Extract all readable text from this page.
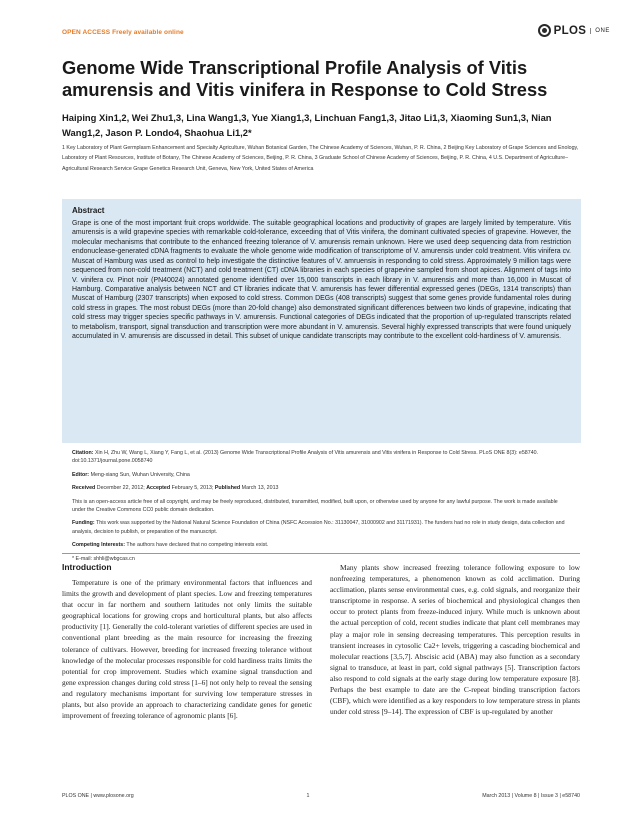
OPEN ACCESS Freely available online	PLOS	ONE
Genome Wide Transcriptional Profile Analysis of Vitis amurensis and Vitis vinifera in Response to Cold Stress
Haiping Xin1,2, Wei Zhu1,3, Lina Wang1,3, Yue Xiang1,3, Linchuan Fang1,3, Jitao Li1,3, Xiaoming Sun1,3, Nian Wang1,2, Jason P. Londo4, Shaohua Li1,2*
1 Key Laboratory of Plant Germplasm Enhancement and Specialty Agriculture, Wuhan Botanical Garden, The Chinese Academy of Sciences, Wuhan, P. R. China, 2 Beijing Key Laboratory of Grape Sciences and Enology, Laboratory of Plant Resources, Institute of Botany, The Chinese Academy of Sciences, Beijing, P. R. China, 3 Graduate School of Chinese Academy of Sciences, Beijing, P. R. China, 4 U.S. Department of Agriculture–Agricultural Research Service Grape Genetics Research Unit, Geneva, New York, United States of America
Abstract
Grape is one of the most important fruit crops worldwide. The suitable geographical locations and productivity of grapes are largely limited by temperature. Vitis amurensis is a wild grapevine species with remarkable cold-tolerance, exceeding that of Vitis vinifera, the dominant cultivated species of grapevine. However, the molecular mechanisms that contribute to the enhanced freezing tolerance of V. amurensis remain unknown. Here we used deep sequencing data from restriction endonuclease-generated cDNA fragments to evaluate the whole genome wide modification of transcriptome of V. amurensis under cold treatment. Vitis vinifera cv. Muscat of Hamburg was used as control to help investigate the distinctive features of V. amruensis in responding to cold stress. Approximately 9 million tags were sequenced from non-cold treatment (NCT) and cold treatment (CT) cDNA libraries in each species of grapevine sampled from shoot apices. Alignment of tags into V. vinifera cv. Pinot noir (PN40024) annotated genome identified over 15,000 transcripts in each library in V. amurensis and more than 16,000 in Muscat of Hamburg. Comparative analysis between NCT and CT libraries indicate that V. amurensis has fewer differential expressed genes (DEGs, 1314 transcripts) than Muscat of Hamburg (2307 transcripts) when exposed to cold stress. Common DEGs (408 transcripts) suggest that some genes provide fundamental roles during cold stress in grapes. The most robust DEGs (more than 20-fold change) also demonstrated significant differences between two kinds of grapevine, indicating that cold stress may trigger species specific pathways in V. amurensis. Functional categories of DEGs indicated that the proportion of up-regulated transcripts related to metabolism, transport, signal transduction and transcription were more abundant in V. amurensis. Several highly expressed transcripts that were found uniquely accumulated in V. amurensis are discussed in detail. This subset of unique candidate transcripts may contribute to the excellent cold-hardiness of V. amurensis.

Citation: Xin H, Zhu W, Wang L, Xiang Y, Fang L, et al. (2013) Genome Wide Transcriptional Profile Analysis of Vitis amurensis and Vitis vinifera in Response to Cold Stress. PLoS ONE 8(3): e58740. doi:10.1371/journal.pone.0058740

Editor: Meng-xiang Sun, Wuhan University, China

Received December 22, 2012; Accepted February 5, 2013; Published March 13, 2013

This is an open-access article free of all copyright, and may be freely reproduced, distributed, transmitted, modified, built upon, or otherwise used by anyone for any lawful purpose. The work is made available under the Creative Commons CC0 public domain dedication.

Funding: This work was supported by the National Natural Science Foundation of China (NSFC Accession No.: 31130047, 31000902 and 31171931). The funders had no role in study design, data collection and analysis, decision to publish, or preparation of the manuscript.

Competing Interests: The authors have declared that no competing interests exist.

* E-mail: shhli@wbgcas.cn

Introduction

Temperature is one of the primary environmental factors that influences and limits the growth and development of plant species. Low and freezing temperatures that occur in far northern and southern latitudes not only limits the suitable geographical locations for growing crops and horticultural plants, but also affects productivity [1]. Generally the cold-tolerant varieties of different species are used in conventional plant breeding as the main resource for increasing the freezing tolerance of cultivars. However, breeding for increased freezing tolerance without knowledge of the molecular processes responsible for cold hardiness traits limits the potential for crop improvement. Studies which examine signal transduction and gene expression changes during cold stress [1–6] not only help to reveal the sensing and regulatory mechanisms important for surviving low temperature stresses in plants, but also provide an approach to characterizing candidate genes for genetic improvement of freezing tolerance of agronomic plants [6].

Many plants show increased freezing tolerance following exposure to low nonfreezing temperatures, a phenomenon known as cold acclimation. During acclimation, plants sense environmental cues, e.g. cold signals, and reorganize their transcriptome in response. A series of biochemical and physiological changes then occur to protect plants from freeze-induced injury. While much is unknown about the actual perception of cold, recent studies indicate that plant cell membranes may play a major role in sensing decreasing temperatures. This perception results in transient increases in cytosolic Ca2+ levels, triggering a cascading biochemical and molecular reactions [3,5,7]. Abscisic acid (ABA) may also function as a secondary signal to transduce, at least in part, cold signal pathways [5]. Transcription factors also respond to cold signals at the early stage during low temperature exposure [8]. Perhaps the best example to date are the C-repeat binding transcription factors (CBF), which were identified as a key responders to low temperature stress in plants under cold stress [9–14]. The expression of CBF is up-regulated by another

PLOS ONE | www.plosone.org	1	March 2013 | Volume 8 | Issue 3 | e58740
